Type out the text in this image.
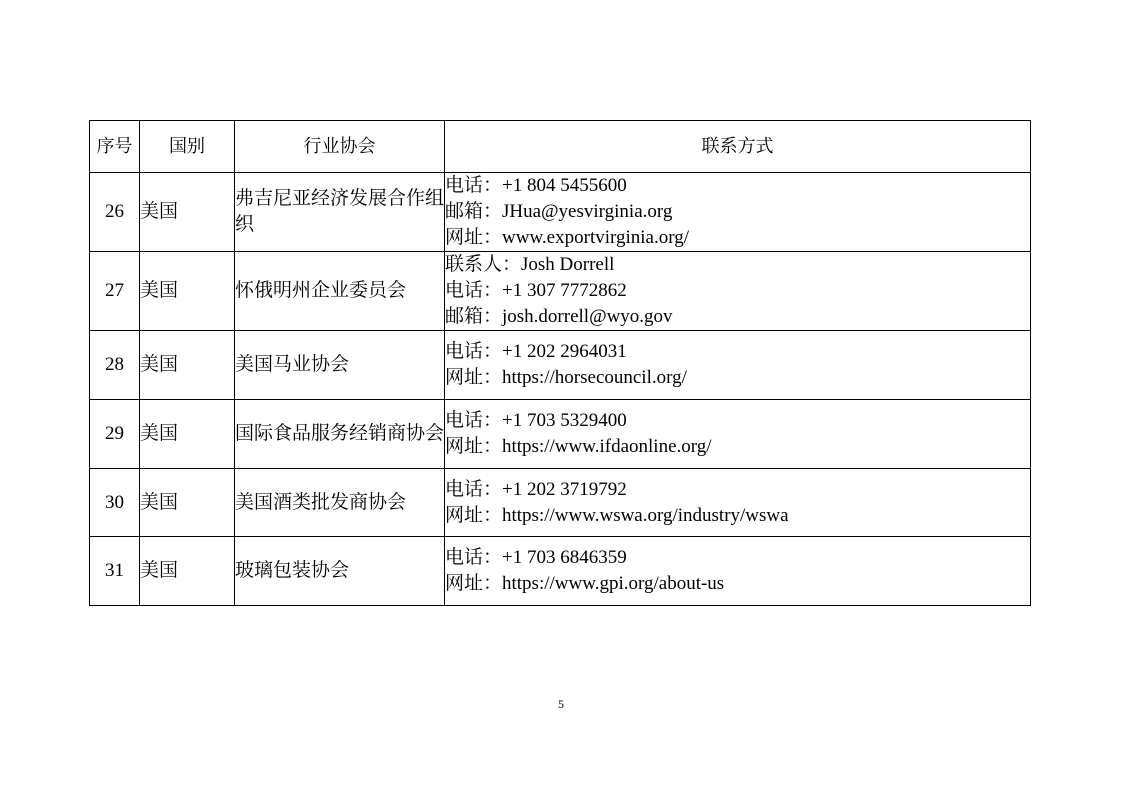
序号	国别	行业协会	联系方式
26	美国	弗吉尼亚经济发展合作组织	电话：+1 804 5455600
邮箱：JHua@yesvirginia.org
网址：www.exportvirginia.org/

27	美国	怀俄明州企业委员会	联系人：Josh Dorrell
电话：+1 307 7772862
邮箱：josh.dorrell@wyo.gov

28	美国	美国马业协会	电话：+1 202 2964031
网址：https://horsecouncil.org/

29	美国	国际食品服务经销商协会	电话：+1 703 5329400
网址：https://www.ifdaonline.org/

30	美国	美国酒类批发商协会	电话：+1 202 3719792
网址：https://www.wswa.org/industry/wswa

31	美国	玻璃包装协会	电话：+1 703 6846359
网址：https://www.gpi.org/about-us
5
